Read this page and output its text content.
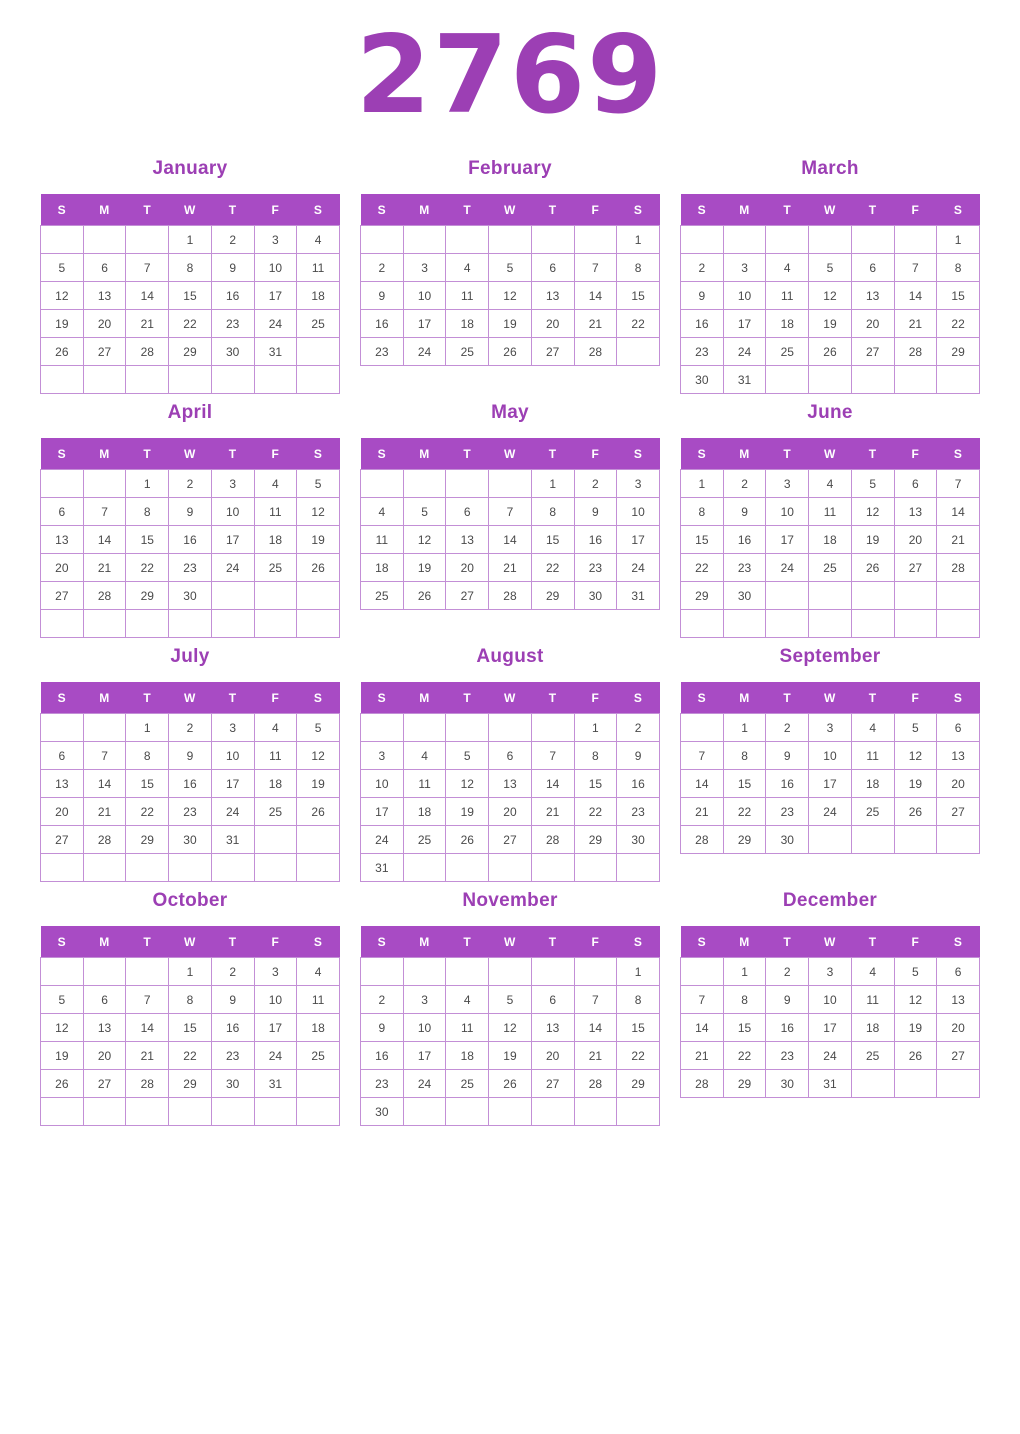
2769
January
S	M	T	W	T	F	S
			1	2	3	4
5	6	7	8	9	10	11
12	13	14	15	16	17	18
19	20	21	22	23	24	25
26	27	28	29	30	31	

February
S	M	T	W	T	F	S
						1
2	3	4	5	6	7	8
9	10	11	12	13	14	15
16	17	18	19	20	21	22
23	24	25	26	27	28	
March
S	M	T	W	T	F	S
						1
2	3	4	5	6	7	8
9	10	11	12	13	14	15
16	17	18	19	20	21	22
23	24	25	26	27	28	29
30	31					
April
S	M	T	W	T	F	S
		1	2	3	4	5
6	7	8	9	10	11	12
13	14	15	16	17	18	19
20	21	22	23	24	25	26
27	28	29	30			

May
S	M	T	W	T	F	S
				1	2	3
4	5	6	7	8	9	10
11	12	13	14	15	16	17
18	19	20	21	22	23	24
25	26	27	28	29	30	31
June
S	M	T	W	T	F	S
1	2	3	4	5	6	7
8	9	10	11	12	13	14
15	16	17	18	19	20	21
22	23	24	25	26	27	28
29	30					

July
S	M	T	W	T	F	S
		1	2	3	4	5
6	7	8	9	10	11	12
13	14	15	16	17	18	19
20	21	22	23	24	25	26
27	28	29	30	31		

August
S	M	T	W	T	F	S
					1	2
3	4	5	6	7	8	9
10	11	12	13	14	15	16
17	18	19	20	21	22	23
24	25	26	27	28	29	30
31						
September
S	M	T	W	T	F	S
	1	2	3	4	5	6
7	8	9	10	11	12	13
14	15	16	17	18	19	20
21	22	23	24	25	26	27
28	29	30				
October
S	M	T	W	T	F	S
			1	2	3	4
5	6	7	8	9	10	11
12	13	14	15	16	17	18
19	20	21	22	23	24	25
26	27	28	29	30	31	

November
S	M	T	W	T	F	S
						1
2	3	4	5	6	7	8
9	10	11	12	13	14	15
16	17	18	19	20	21	22
23	24	25	26	27	28	29
30						
December
S	M	T	W	T	F	S
	1	2	3	4	5	6
7	8	9	10	11	12	13
14	15	16	17	18	19	20
21	22	23	24	25	26	27
28	29	30	31			
